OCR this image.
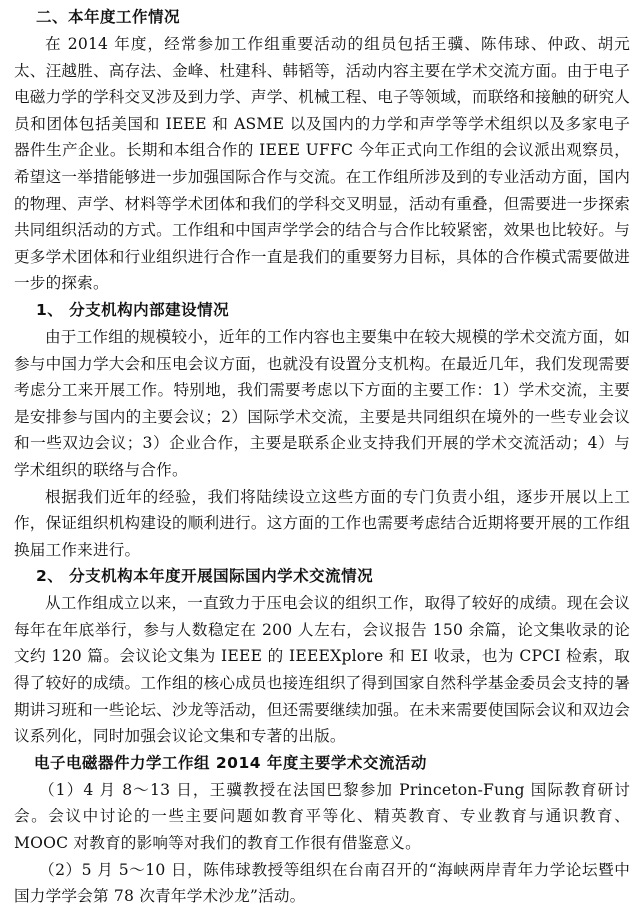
二、本年度工作情况

在 2014 年度，经常参加工作组重要活动的组员包括王骥、陈伟球、仲政、胡元太、汪越胜、高存法、金峰、杜建科、韩韬等，活动内容主要在学术交流方面。由于电子电磁力学的学科交叉涉及到力学、声学、机械工程、电子等领域，而联络和接触的研究人员和团体包括美国和 IEEE 和 ASME 以及国内的力学和声学等学术组织以及多家电子器件生产企业。长期和本组合作的 IEEE UFFC 今年正式向工作组的会议派出观察员，希望这一举措能够进一步加强国际合作与交流。在工作组所涉及到的专业活动方面，国内的物理、声学、材料等学术团体和我们的学科交叉明显，活动有重叠，但需要进一步探索共同组织活动的方式。工作组和中国声学学会的结合与合作比较紧密，效果也比较好。与更多学术团体和行业组织进行合作一直是我们的重要努力目标，具体的合作模式需要做进一步的探索。

1、 分支机构内部建设情况

由于工作组的规模较小，近年的工作内容也主要集中在较大规模的学术交流方面，如参与中国力学大会和压电会议方面，也就没有设置分支机构。在最近几年，我们发现需要考虑分工来开展工作。特别地，我们需要考虑以下方面的主要工作：1）学术交流，主要是安排参与国内的主要会议；2）国际学术交流，主要是共同组织在境外的一些专业会议和一些双边会议；3）企业合作，主要是联系企业支持我们开展的学术交流活动；4）与学术组织的联络与合作。

根据我们近年的经验，我们将陆续设立这些方面的专门负责小组，逐步开展以上工作，保证组织机构建设的顺利进行。这方面的工作也需要考虑结合近期将要开展的工作组换届工作来进行。

2、 分支机构本年度开展国际国内学术交流情况

从工作组成立以来，一直致力于压电会议的组织工作，取得了较好的成绩。现在会议每年在年底举行，参与人数稳定在 200 人左右，会议报告 150 余篇，论文集收录的论文约 120 篇。会议论文集为 IEEE 的 IEEEXplore 和 EI 收录，也为 CPCI 检索，取得了较好的成绩。工作组的核心成员也接连组织了得到国家自然科学基金委员会支持的暑期讲习班和一些论坛、沙龙等活动，但还需要继续加强。在未来需要使国际会议和双边会议系列化，同时加强会议论文集和专著的出版。

电子电磁器件力学工作组 2014 年度主要学术交流活动

（1）4 月 8～13 日，王骥教授在法国巴黎参加 Princeton-Fung 国际教育研讨会。会议中讨论的一些主要问题如教育平等化、精英教育、专业教育与通识教育、MOOC 对教育的影响等对我们的教育工作很有借鉴意义。

（2）5 月 5～10 日，陈伟球教授等组织在台南召开的“海峡两岸青年力学论坛暨中国力学学会第 78 次青年学术沙龙”活动。
